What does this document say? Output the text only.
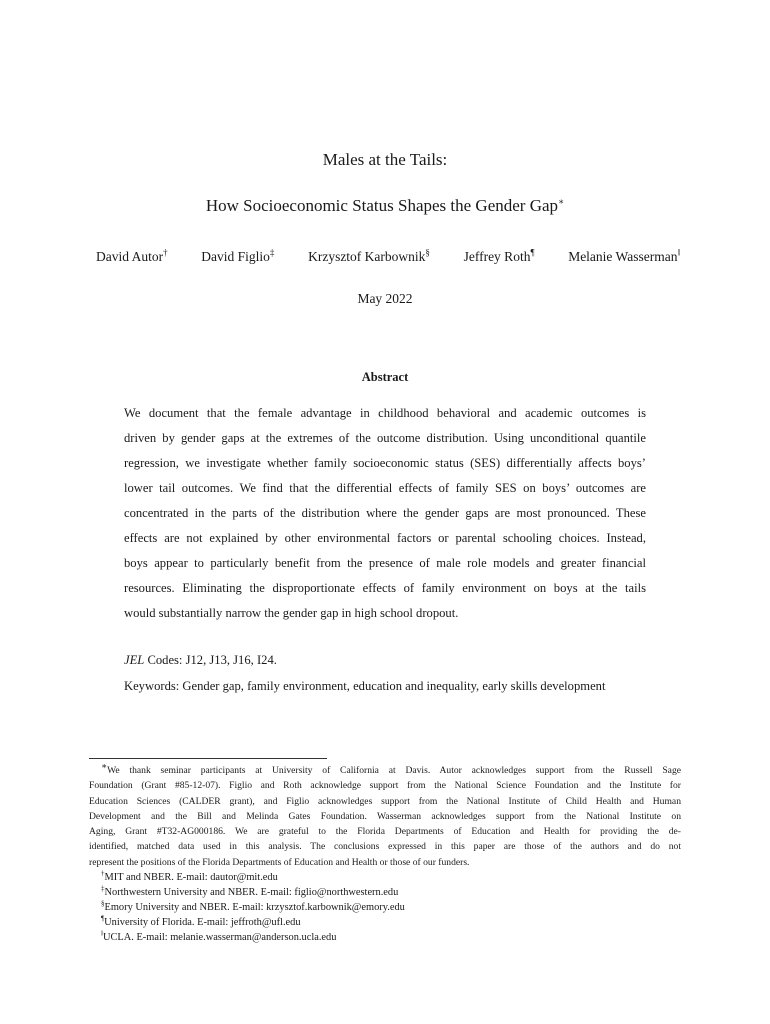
Males at the Tails:
How Socioeconomic Status Shapes the Gender Gap∗
David Autor† David Figlio‡ Krzysztof Karbownik§ Jeffrey Roth¶ Melanie Wasserman‖
May 2022
Abstract
We document that the female advantage in childhood behavioral and academic outcomes is
driven by gender gaps at the extremes of the outcome distribution. Using unconditional quantile
regression, we investigate whether family socioeconomic status (SES) differentially affects boys’
lower tail outcomes. We find that the differential effects of family SES on boys’ outcomes are
concentrated in the parts of the distribution where the gender gaps are most pronounced. These
effects are not explained by other environmental factors or parental schooling choices. Instead,
boys appear to particularly benefit from the presence of male role models and greater financial
resources. Eliminating the disproportionate effects of family environment on boys at the tails
would substantially narrow the gender gap in high school dropout.
JEL Codes: J12, J13, J16, I24.
Keywords: Gender gap, family environment, education and inequality, early skills development
∗We thank seminar participants at University of California at Davis. Autor acknowledges support from the Russell Sage
Foundation (Grant #85-12-07). Figlio and Roth acknowledge support from the National Science Foundation and the Institute for
Education Sciences (CALDER grant), and Figlio acknowledges support from the National Institute of Child Health and Human
Development and the Bill and Melinda Gates Foundation. Wasserman acknowledges support from the National Institute on
Aging, Grant #T32-AG000186. We are grateful to the Florida Departments of Education and Health for providing the de-
identified, matched data used in this analysis. The conclusions expressed in this paper are those of the authors and do not
represent the positions of the Florida Departments of Education and Health or those of our funders.
†MIT and NBER. E-mail: dautor@mit.edu
‡Northwestern University and NBER. E-mail: figlio@northwestern.edu
§Emory University and NBER. E-mail: krzysztof.karbownik@emory.edu
¶University of Florida. E-mail: jeffroth@ufl.edu
‖UCLA. E-mail: melanie.wasserman@anderson.ucla.edu
